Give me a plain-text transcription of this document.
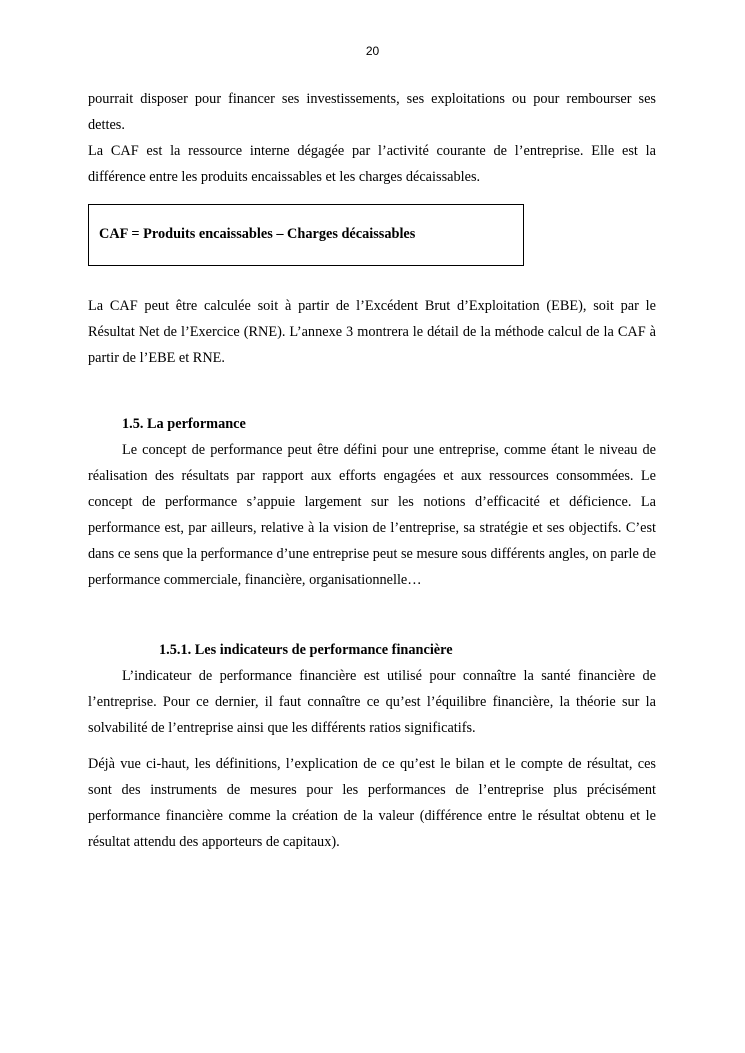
20

pourrait disposer pour financer ses investissements, ses exploitations ou pour rembourser ses dettes.

La CAF est la ressource interne dégagée par l’activité courante de l’entreprise. Elle est la différence entre les produits encaissables et les charges décaissables.

CAF = Produits encaissables – Charges décaissables

La CAF peut être calculée soit à partir de l’Excédent Brut d’Exploitation (EBE), soit par le Résultat Net de l’Exercice (RNE). L’annexe 3 montrera le détail de la méthode calcul de la CAF à partir de l’EBE et RNE.

1.5. La performance

Le concept de performance peut être défini pour une entreprise, comme étant le niveau de réalisation des résultats par rapport aux efforts engagées et aux ressources consommées. Le concept de performance s’appuie largement sur les notions d’efficacité et déficience. La performance est, par ailleurs, relative à la vision de l’entreprise, sa stratégie et ses objectifs. C’est dans ce sens que la performance d’une entreprise peut se mesure sous différents angles, on parle de performance commerciale, financière, organisationnelle…

1.5.1. Les indicateurs de performance financière

L’indicateur de performance financière est utilisé pour connaître la santé financière de l’entreprise. Pour ce dernier, il faut connaître ce qu’est l’équilibre financière, la théorie sur la solvabilité de l’entreprise ainsi que les différents ratios significatifs.

Déjà vue ci-haut, les définitions, l’explication de ce qu’est le bilan et le compte de résultat, ces sont des instruments de mesures pour les performances de l’entreprise plus précisément performance financière comme la création de la valeur (différence entre le résultat obtenu et le résultat attendu des apporteurs de capitaux).
